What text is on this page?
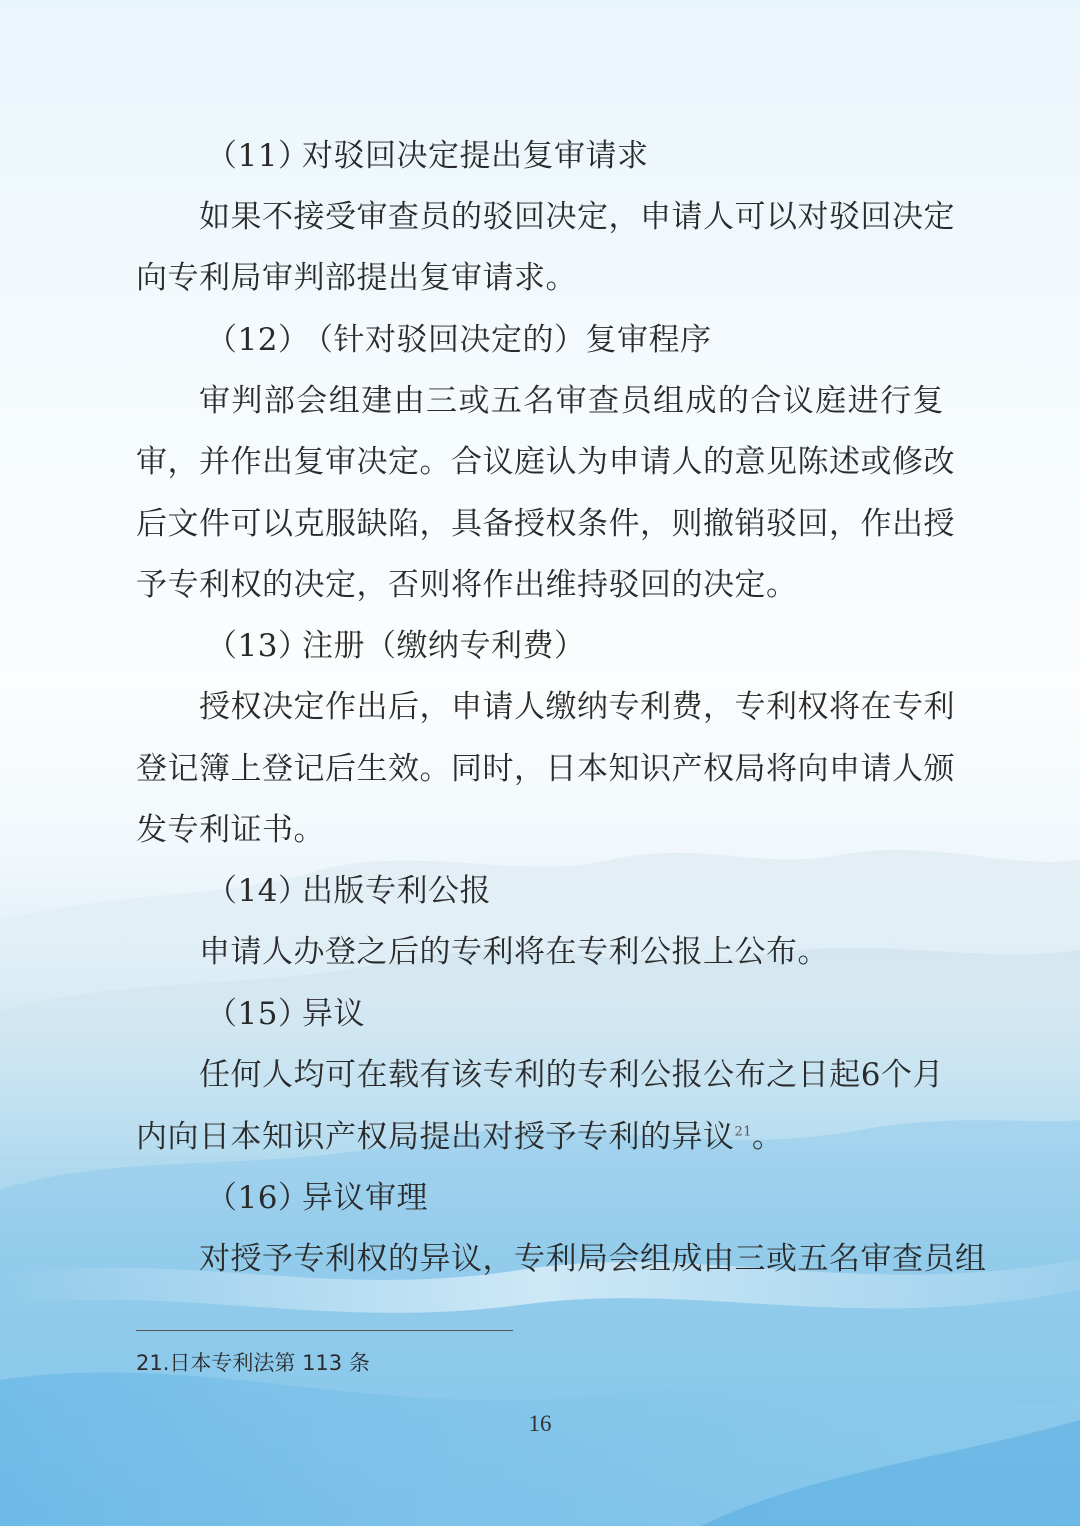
（11）对驳回决定提出复审请求
如果不接受审查员的驳回决定，申请人可以对驳回决定
向专利局审判部提出复审请求。
（12）（针对驳回决定的）复审程序
审判部会组建由三或五名审查员组成的合议庭进行复
审，并作出复审决定。合议庭认为申请人的意见陈述或修改
后文件可以克服缺陷，具备授权条件，则撤销驳回，作出授
予专利权的决定，否则将作出维持驳回的决定。
（13）注册（缴纳专利费）
授权决定作出后，申请人缴纳专利费，专利权将在专利
登记簿上登记后生效。同时，日本知识产权局将向申请人颁
发专利证书。
（14）出版专利公报
申请人办登之后的专利将在专利公报上公布。
（15）异议
任何人均可在载有该专利的专利公报公布之日起6个月
内向日本知识产权局提出对授予专利的异议$^{21}$。
（16）异议审理
对授予专利权的异议，专利局会组成由三或五名审查员组
21.日本专利法第 113 条
16
